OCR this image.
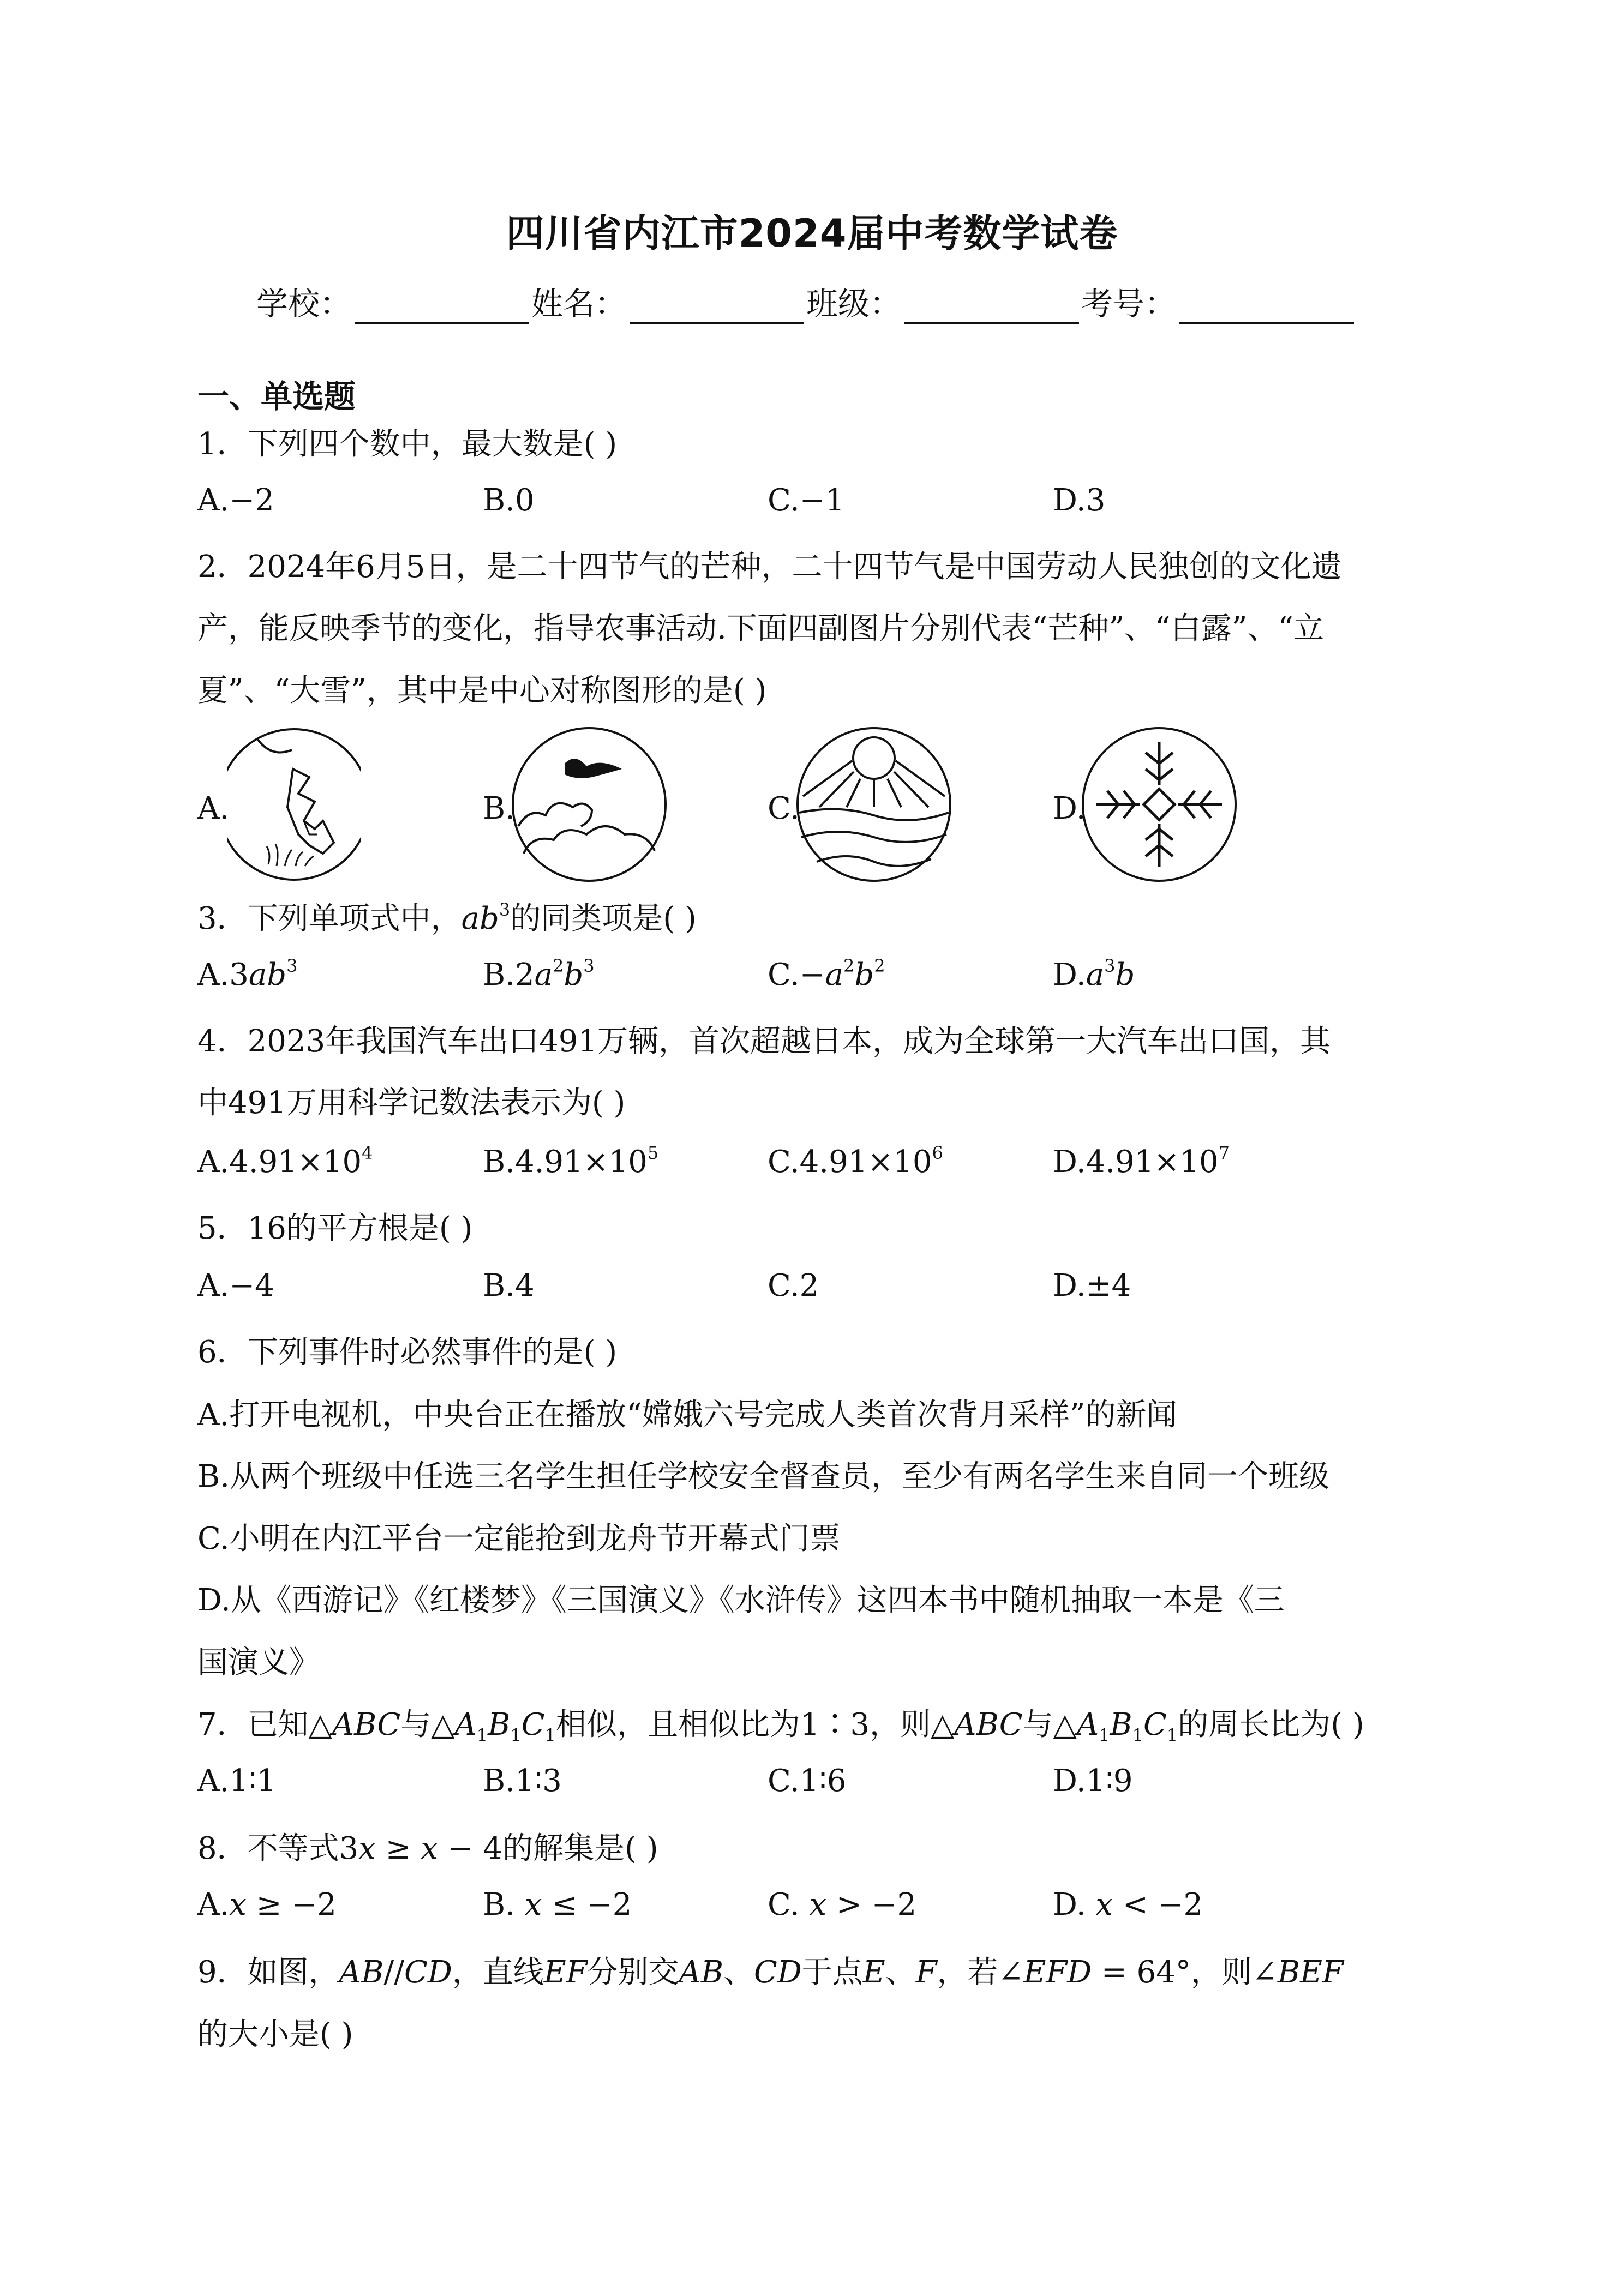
四川省内江市2024届中考数学试卷
学校：	姓名：	班级：	考号：
一、单选题
1．下列四个数中，最大数是( )
A.−2	B.0	C.−1	D.3
2．2024年6月5日，是二十四节气的芒种，二十四节气是中国劳动人民独创的文化遗
产，能反映季节的变化，指导农事活动.下面四副图片分别代表“芒种”、“白露”、“立
夏”、“大雪”，其中是中心对称图形的是( )
A.	B.	C.	D.
3．下列单项式中，$ab^3$的同类项是( )
$A.3ab^3$	$B.2a^2b^3$	$C.-a^2b^2$	$D.a^3b$
4．2023年我国汽车出口491万辆，首次超越日本，成为全球第一大汽车出口国，其
中491万用科学记数法表示为( )
$A.4.91\times 10^4$	$B.4.91\times 10^5$	$C.4.91\times 10^6$	$D.4.91\times 10^7$
5．16的平方根是( )
A.−4	B.4	C.2	D.±4
6．下列事件时必然事件的是( )
A.打开电视机，中央台正在播放“嫦娥六号完成人类首次背月采样”的新闻
B.从两个班级中任选三名学生担任学校安全督查员，至少有两名学生来自同一个班级
C.小明在内江平台一定能抢到龙舟节开幕式门票
D.从《西游记》《红楼梦》《三国演义》《水浒传》这四本书中随机抽取一本是《三
国演义》
7．已知△ABC与$\triangle A_1B_1C_1$相似，且相似比为1∶3，则△ABC与$\triangle A_1B_1C_1$的周长比为( )
A.1∶1	B.1∶3	C.1∶6	D.1∶9
8．不等式3x ≥ x − 4的解集是( )
A.x ≥ −2	B. x ≤ −2	C. x > −2	D. x < −2
9．如图，AB//CD，直线EF分别交AB、CD于点E、F，若∠EFD = 64°，则∠BEF
的大小是( )
